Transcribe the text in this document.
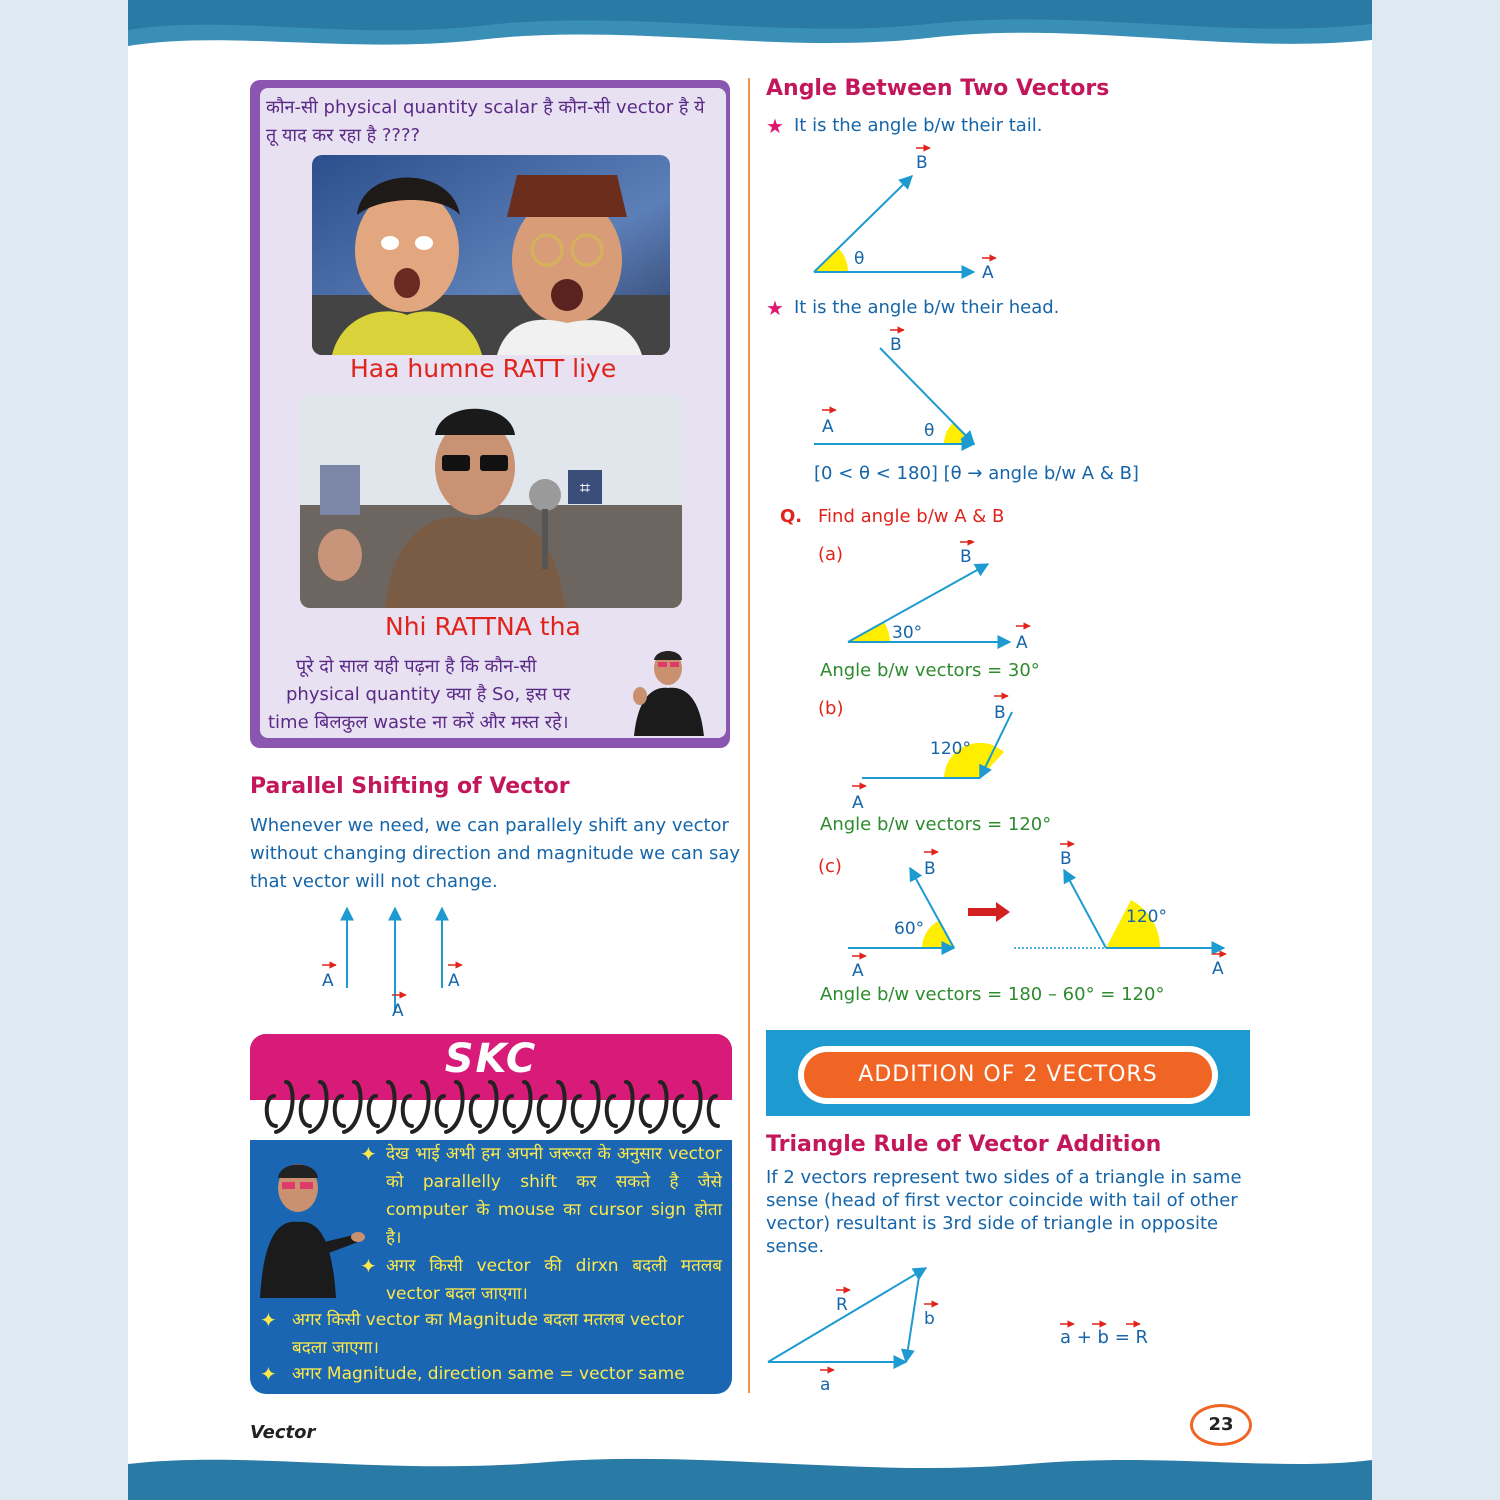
कौन-सी physical quantity scalar है कौन-सी vector है ये तू याद कर रहा है ????
Haa humne RATT liye
⌗
Nhi RATTNA tha
पूरे दो साल यही पढ़ना है कि कौन-सी
physical quantity क्या है So, इस पर
time बिलकुल waste ना करें और मस्त रहे।
Parallel Shifting of Vector
Whenever we need, we can parallely shift any vector
without changing direction and magnitude we can say
that vector will not change.
A
A
A
SKC
✦ देख भाई अभी हम अपनी जरूरत के अनुसार vector को parallelly shift कर सकते है जैसे computer के mouse का cursor sign होता है।
✦ अगर किसी vector की dirxn बदली मतलब vector बदल जाएगा।
✦ अगर किसी vector का Magnitude बदला मतलब vector बदला जाएगा।
✦ अगर Magnitude, direction same = vector same
Angle Between Two Vectors
★ It is the angle b/w their tail.
θ
A
B
★ It is the angle b/w their head.
θ
A
B
[0 < θ < 180] [θ → angle b/w A & B]
Q. Find angle b/w A & B
(a)
30°	A
B
Angle b/w vectors = 30°
(b)
120°
A
B
Angle b/w vectors = 120°
(c)
60°
A
B
120°
A
B
Angle b/w vectors = 180 – 60° = 120°
ADDITION OF 2 VECTORS
Triangle Rule of Vector Addition
If 2 vectors represent two sides of a triangle in same
sense (head of first vector coincide with tail of other
vector) resultant is 3rd side of triangle in opposite
sense.
R
b
a
a + b = R
Vector	23
